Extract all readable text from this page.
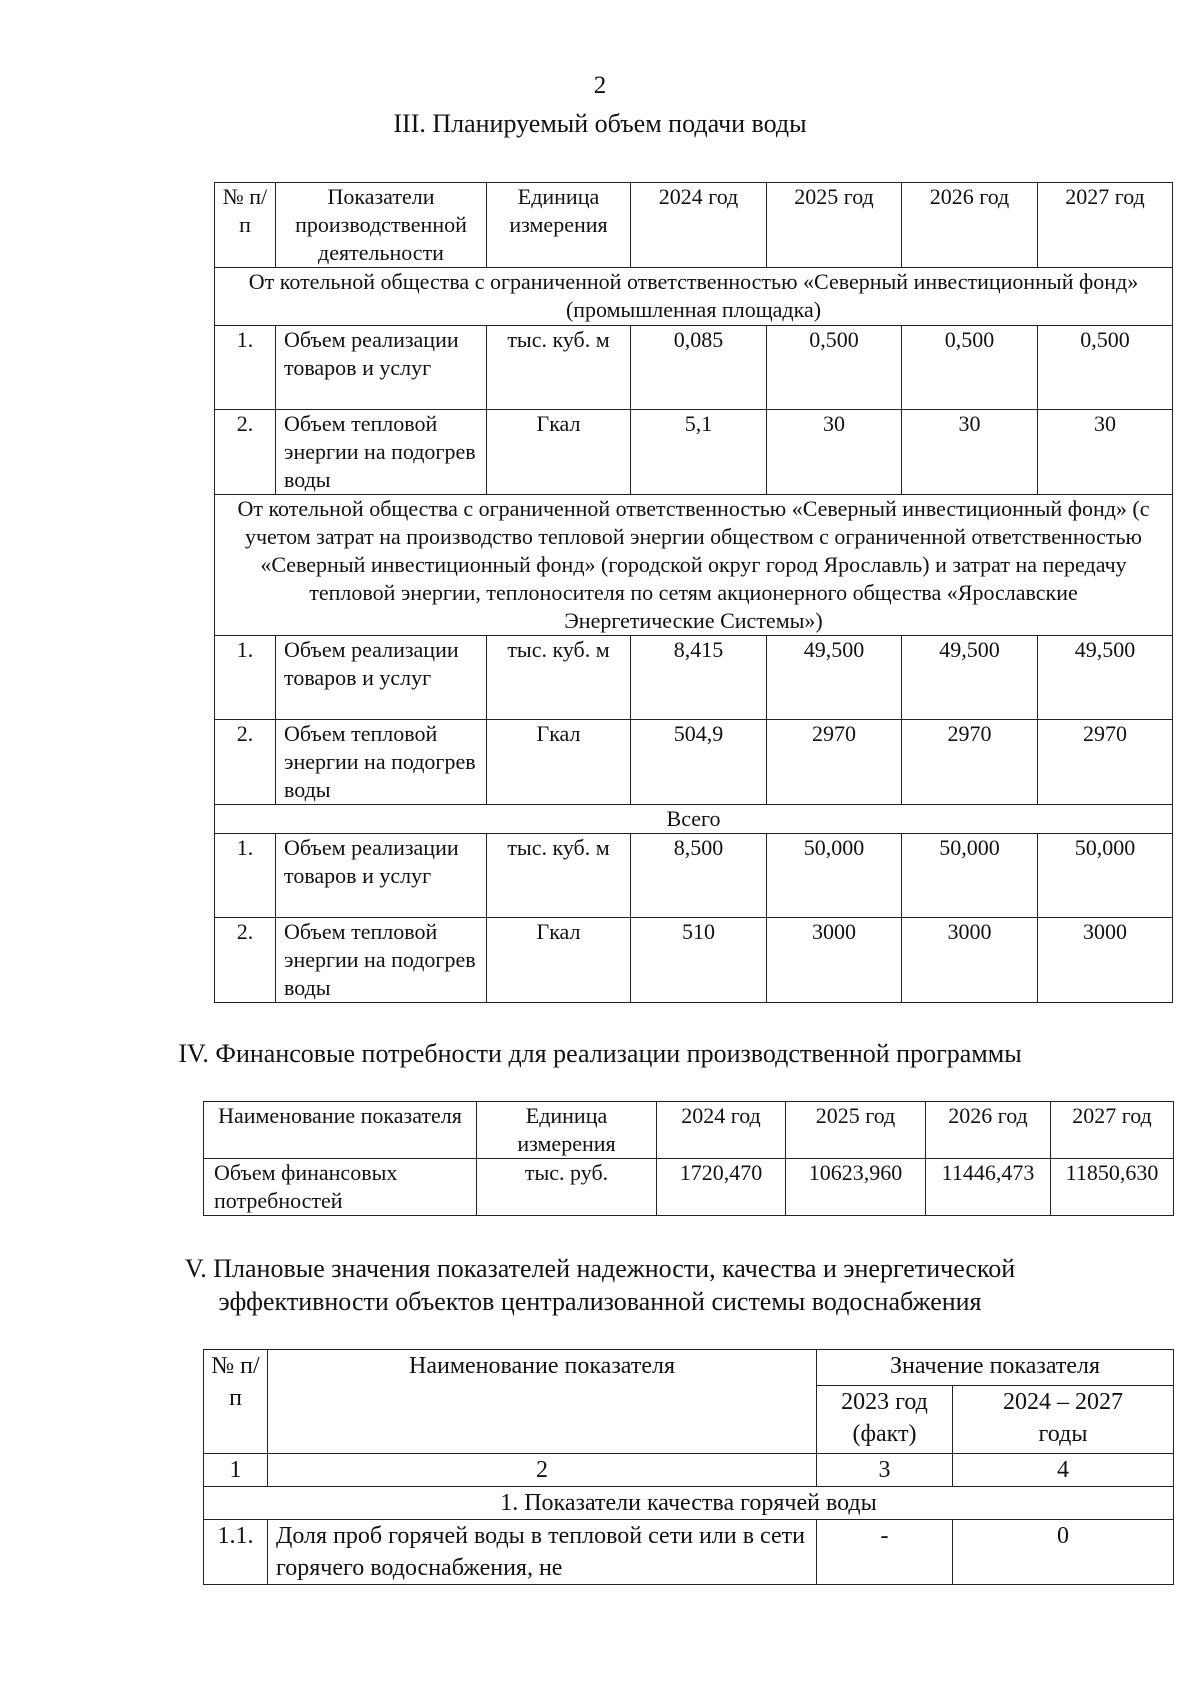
2
III. Планируемый объем подачи воды
№ п/п	Показатели производственной деятельности	Единица измерения	2024 год	2025 год	2026 год	2027 год
От котельной общества с ограниченной ответственностью «Северный инвестиционный фонд» (промышленная площадка)						
1.	Объем реализации товаров и услуг	тыс. куб. м	0,085	0,500	0,500	0,500
2.	Объем тепловой энергии на подогрев воды	Гкал	5,1	30	30	30
От котельной общества с ограниченной ответственностью «Северный инвестиционный фонд» (с учетом затрат на производство тепловой энергии обществом с ограниченной ответственностью «Северный инвестиционный фонд» (городской округ город Ярославль) и затрат на передачу тепловой энергии, теплоносителя по сетям акционерного общества «Ярославские Энергетические Системы»)						
1.	Объем реализации товаров и услуг	тыс. куб. м	8,415	49,500	49,500	49,500
2.	Объем тепловой энергии на подогрев воды	Гкал	504,9	2970	2970	2970
Всего						
1.	Объем реализации товаров и услуг	тыс. куб. м	8,500	50,000	50,000	50,000
2.	Объем тепловой энергии на подогрев воды	Гкал	510	3000	3000	3000
IV. Финансовые потребности для реализации производственной программы
Наименование показателя	Единица измерения	2024 год	2025 год	2026 год	2027 год
Объем финансовых потребностей	тыс. руб.	1720,470	10623,960	11446,473	11850,630
V. Плановые значения показателей надежности, качества и энергетической
эффективности объектов централизованной системы водоснабжения
№ п/п	Наименование показателя	Значение показателя	
		2023 год (факт)	2024 – 2027 годы
1	2	3	4
1. Показатели качества горячей воды			
1.1.	Доля проб горячей воды в тепловой сети или в сети горячего водоснабжения, не	-	0
